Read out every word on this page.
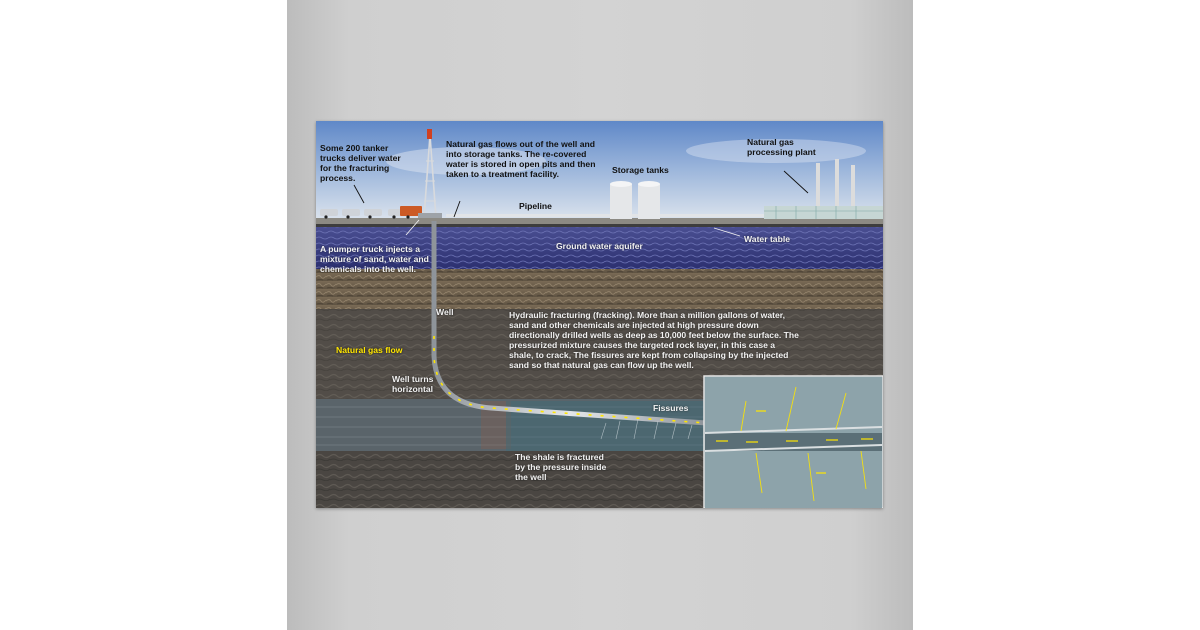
Some 200 tanker trucks deliver water for the fracturing process.

Natural gas flows out of the well and into storage tanks. The re-covered water is stored in open pits and then taken to a treatment facility.	Storage tanks

Natural gas processing plant

Pipeline

A pumper truck injects a mixture of sand, water and chemicals into the well.

Ground water aquifer

Water table

Well	Hydraulic fracturing (fracking). More than a million gallons of water, sand and other chemicals are injected at high pressure down directionally drilled wells as deep as 10,000 feet below the surface. The pressurized mixture causes the targeted rock layer, in this case a shale, to crack, The fissures are kept from collapsing by the injected sand so that natural gas can flow up the well.

Natural gas flow

Well turns horizontal

Fissures

The shale is fractured by the pressure inside the well
